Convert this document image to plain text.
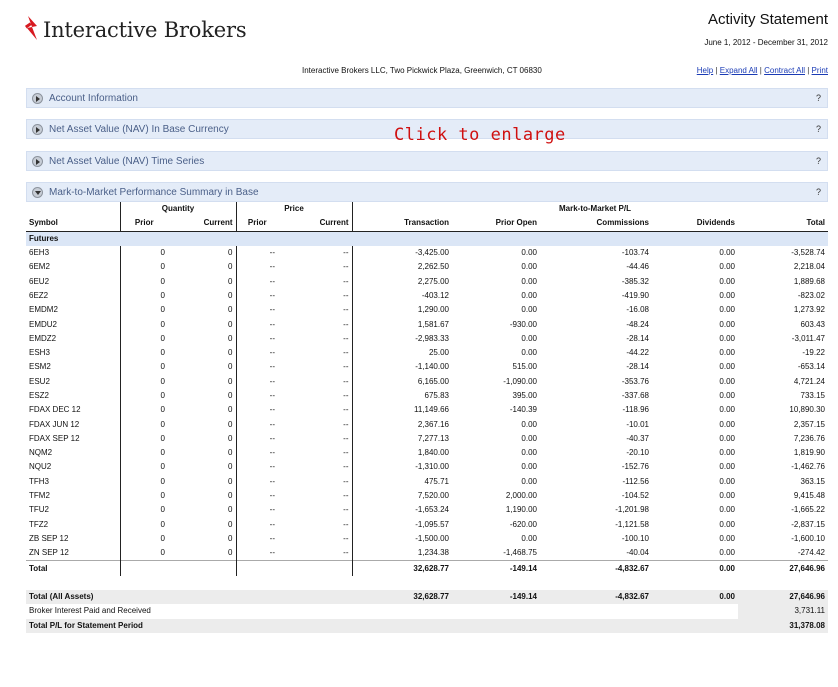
Interactive Brokers	Activity Statement
June 1, 2012 - December 31, 2012
Interactive Brokers LLC, Two Pickwick Plaza, Greenwich, CT 06830	Help | Expand All | Contract All | Print
Account Information	?
Net Asset Value (NAV) In Base Currency	?
Net Asset Value (NAV) Time Series	?
Mark-to-Market Performance Summary in Base	?
Click to enlarge
	Quantity		Price			Mark-to-Market P/L			
Symbol	Prior	Current	Prior	Current	Transaction	Prior Open	Commissions	Dividends	Total
Futures									
6EH3	0	0	--	--	-3,425.00	0.00	-103.74	0.00	-3,528.74
6EM2	0	0	--	--	2,262.50	0.00	-44.46	0.00	2,218.04
6EU2	0	0	--	--	2,275.00	0.00	-385.32	0.00	1,889.68
6EZ2	0	0	--	--	-403.12	0.00	-419.90	0.00	-823.02
EMDM2	0	0	--	--	1,290.00	0.00	-16.08	0.00	1,273.92
EMDU2	0	0	--	--	1,581.67	-930.00	-48.24	0.00	603.43
EMDZ2	0	0	--	--	-2,983.33	0.00	-28.14	0.00	-3,011.47
ESH3	0	0	--	--	25.00	0.00	-44.22	0.00	-19.22
ESM2	0	0	--	--	-1,140.00	515.00	-28.14	0.00	-653.14
ESU2	0	0	--	--	6,165.00	-1,090.00	-353.76	0.00	4,721.24
ESZ2	0	0	--	--	675.83	395.00	-337.68	0.00	733.15
FDAX DEC 12	0	0	--	--	11,149.66	-140.39	-118.96	0.00	10,890.30
FDAX JUN 12	0	0	--	--	2,367.16	0.00	-10.01	0.00	2,357.15
FDAX SEP 12	0	0	--	--	7,277.13	0.00	-40.37	0.00	7,236.76
NQM2	0	0	--	--	1,840.00	0.00	-20.10	0.00	1,819.90
NQU2	0	0	--	--	-1,310.00	0.00	-152.76	0.00	-1,462.76
TFH3	0	0	--	--	475.71	0.00	-112.56	0.00	363.15
TFM2	0	0	--	--	7,520.00	2,000.00	-104.52	0.00	9,415.48
TFU2	0	0	--	--	-1,653.24	1,190.00	-1,201.98	0.00	-1,665.22
TFZ2	0	0	--	--	-1,095.57	-620.00	-1,121.58	0.00	-2,837.15
ZB SEP 12	0	0	--	--	-1,500.00	0.00	-100.10	0.00	-1,600.10
ZN SEP 12	0	0	--	--	1,234.38	-1,468.75	-40.04	0.00	-274.42
Total					32,628.77	-149.14	-4,832.67	0.00	27,646.96

Total (All Assets)					32,628.77	-149.14	-4,832.67	0.00	27,646.96
Broker Interest Paid and Received									3,731.11
Total P/L for Statement Period									31,378.08
